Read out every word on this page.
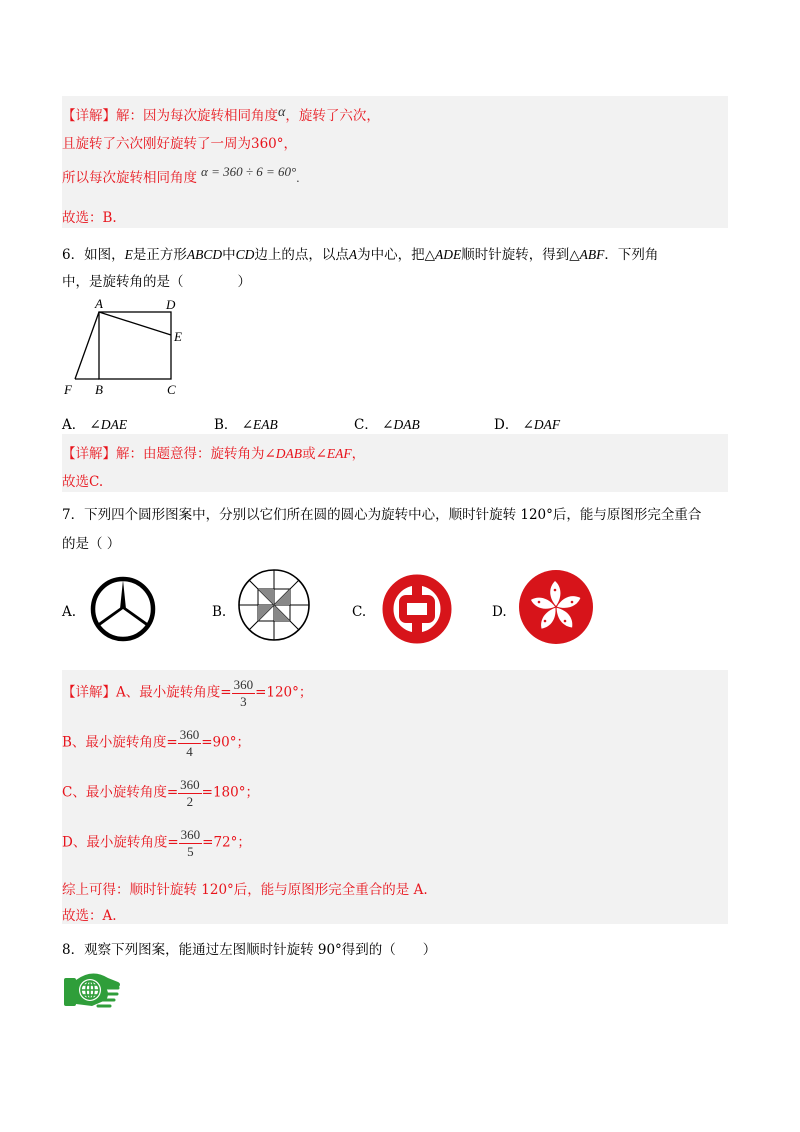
【详解】解：因为每次旋转相同角度α，旋转了六次，
且旋转了六次刚好旋转了一周为360°，
所以每次旋转相同角度 α = 360 ÷ 6 = 60°.
故选：B.
6．如图，E是正方形ABCD中CD边上的点，以点A为中心，把△ADE顺时针旋转，得到△ABF．下列角
中，是旋转角的是（　　　　）
A	D
E
F B	C
A． ∠DAE	B． ∠EAB	C． ∠DAB	D． ∠DAF
【详解】解：由题意得：旋转角为∠DAB或∠EAF，
故选C.
7．下列四个圆形图案中，分别以它们所在圆的圆心为旋转中心，顺时针旋转 120°后，能与原图形完全重合
的是（ ）
A.	B.	C.	D.
【详解】A、最小旋转角度= $\frac{360}{3} =120^\circ$；
B、最小旋转角度= $\frac{360}{4} =90^\circ$；
C、最小旋转角度= $\frac{360}{2} =180^\circ$；
D、最小旋转角度= $\frac{360}{5} =72^\circ$；
综上可得：顺时针旋转 120°后，能与原图形完全重合的是 A.
故选：A.
8．观察下列图案，能通过左图顺时针旋转 90°得到的（　　）
